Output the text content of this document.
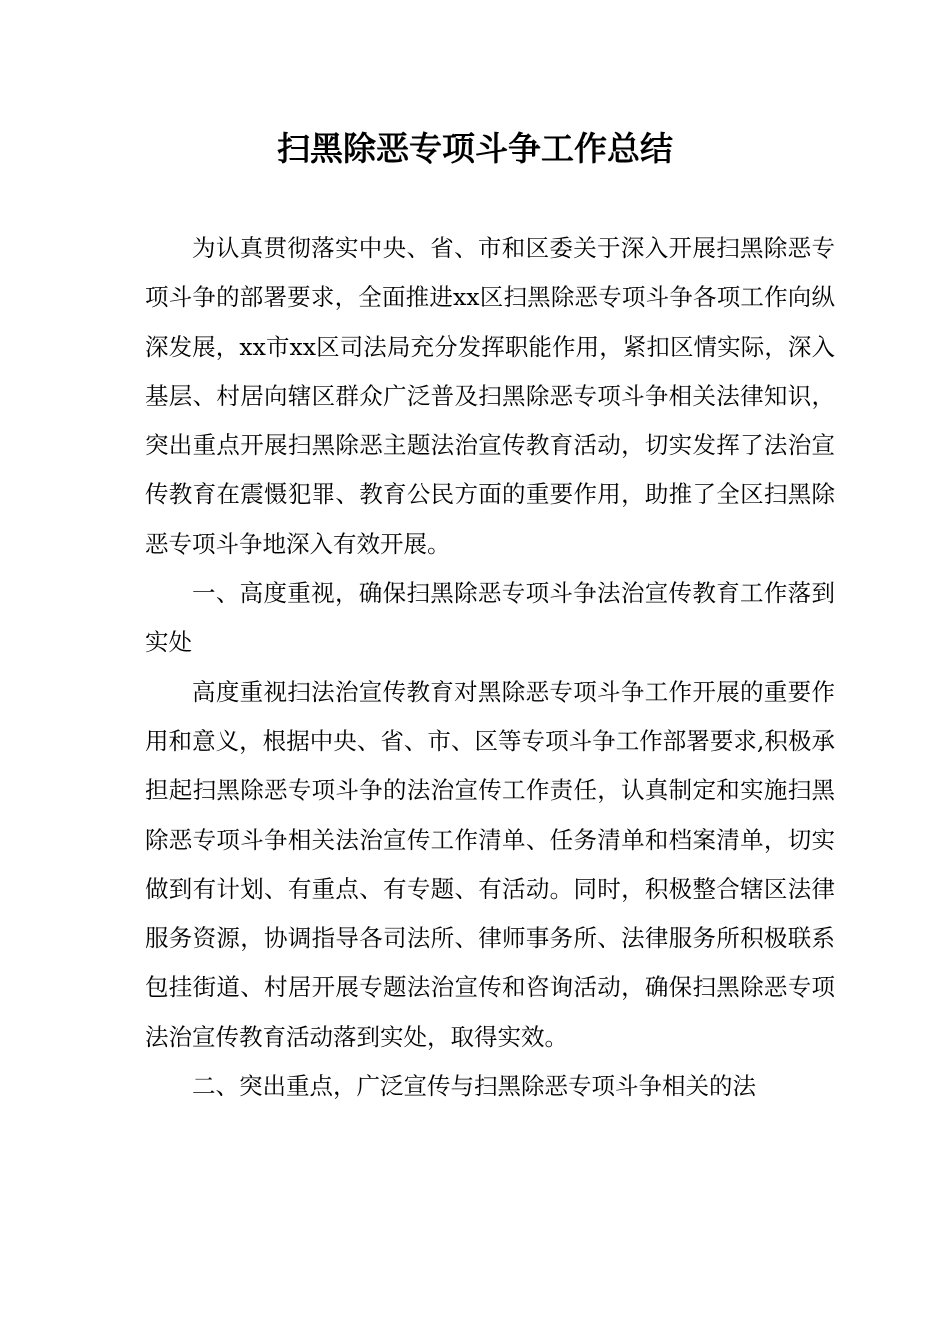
扫黑除恶专项斗争工作总结

为认真贯彻落实中央、省、市和区委关于深入开展扫黑除恶专项斗争的部署要求，全面推进xx区扫黑除恶专项斗争各项工作向纵深发展，xx市xx区司法局充分发挥职能作用，紧扣区情实际，深入基层、村居向辖区群众广泛普及扫黑除恶专项斗争相关法律知识，突出重点开展扫黑除恶主题法治宣传教育活动，切实发挥了法治宣传教育在震慑犯罪、教育公民方面的重要作用，助推了全区扫黑除恶专项斗争地深入有效开展。

一、高度重视，确保扫黑除恶专项斗争法治宣传教育工作落到实处

高度重视扫法治宣传教育对黑除恶专项斗争工作开展的重要作用和意义，根据中央、省、市、区等专项斗争工作部署要求,积极承担起扫黑除恶专项斗争的法治宣传工作责任，认真制定和实施扫黑除恶专项斗争相关法治宣传工作清单、任务清单和档案清单，切实做到有计划、有重点、有专题、有活动。同时，积极整合辖区法律服务资源，协调指导各司法所、律师事务所、法律服务所积极联系包挂街道、村居开展专题法治宣传和咨询活动，确保扫黑除恶专项法治宣传教育活动落到实处，取得实效。

二、突出重点，广泛宣传与扫黑除恶专项斗争相关的法
